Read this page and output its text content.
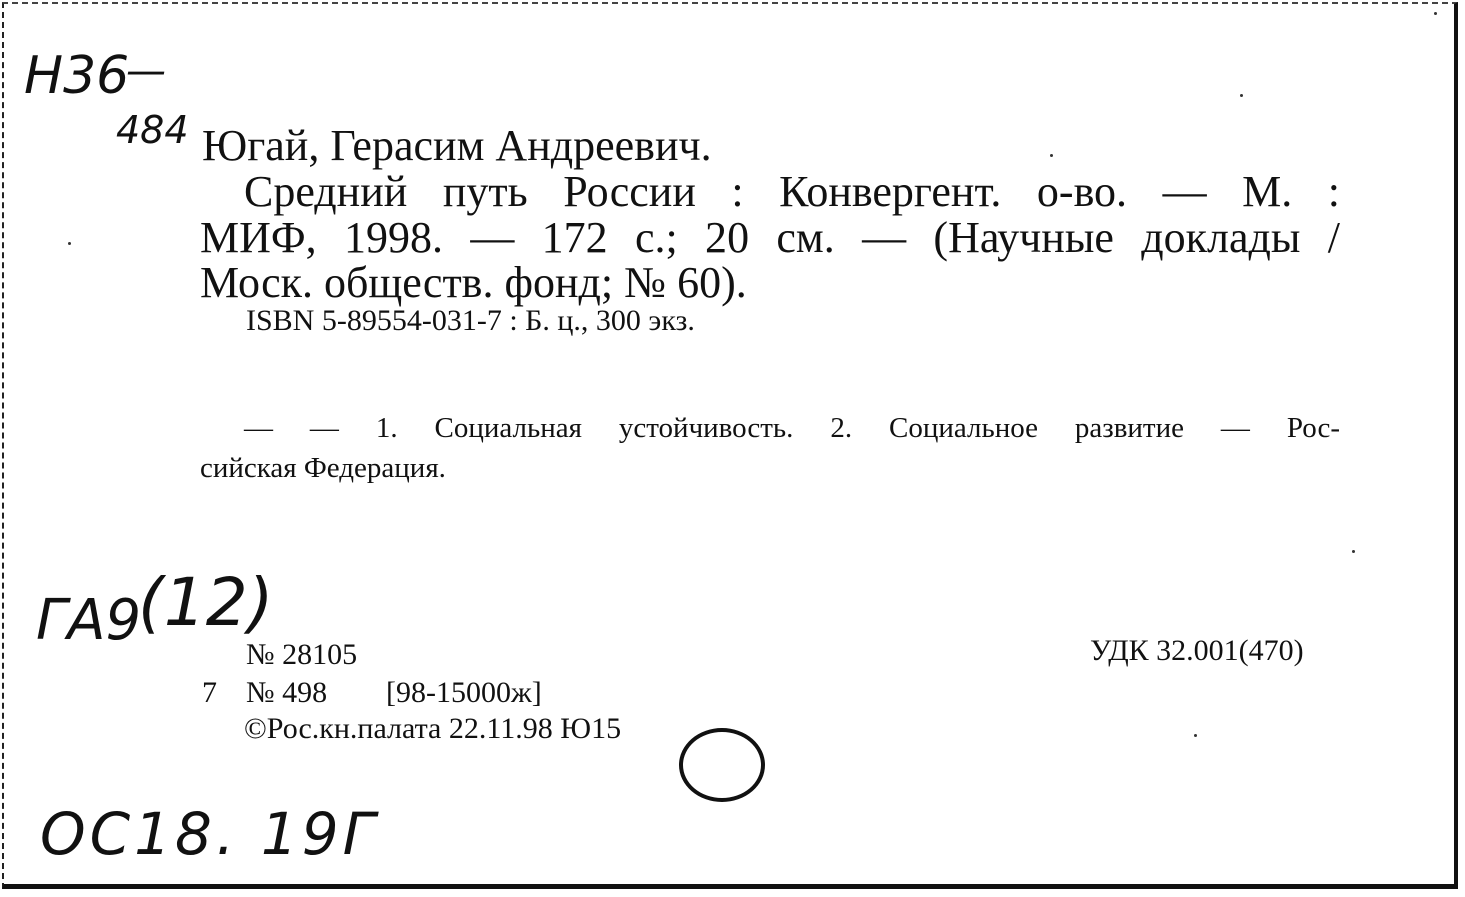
Н36
—
484 Югай, Герасим Андреевич.
Средний путь России : Конвергент. о-во. — М. :
МИФ, 1998. — 172 с.; 20 см. — (Научные доклады /
Моск. обществ. фонд; № 60).
ISBN 5-89554-031-7 : Б. ц., 300 экз.
— — 1. Социальная устойчивость. 2. Социальное развитие — Рос-
сийская Федерация.
ГА9
(12)
№ 28105	УДК 32.001(470)
7 № 498 [98-15000ж]
©Рос.кн.палата 22.11.98 Ю15
ОС18. 19Г
